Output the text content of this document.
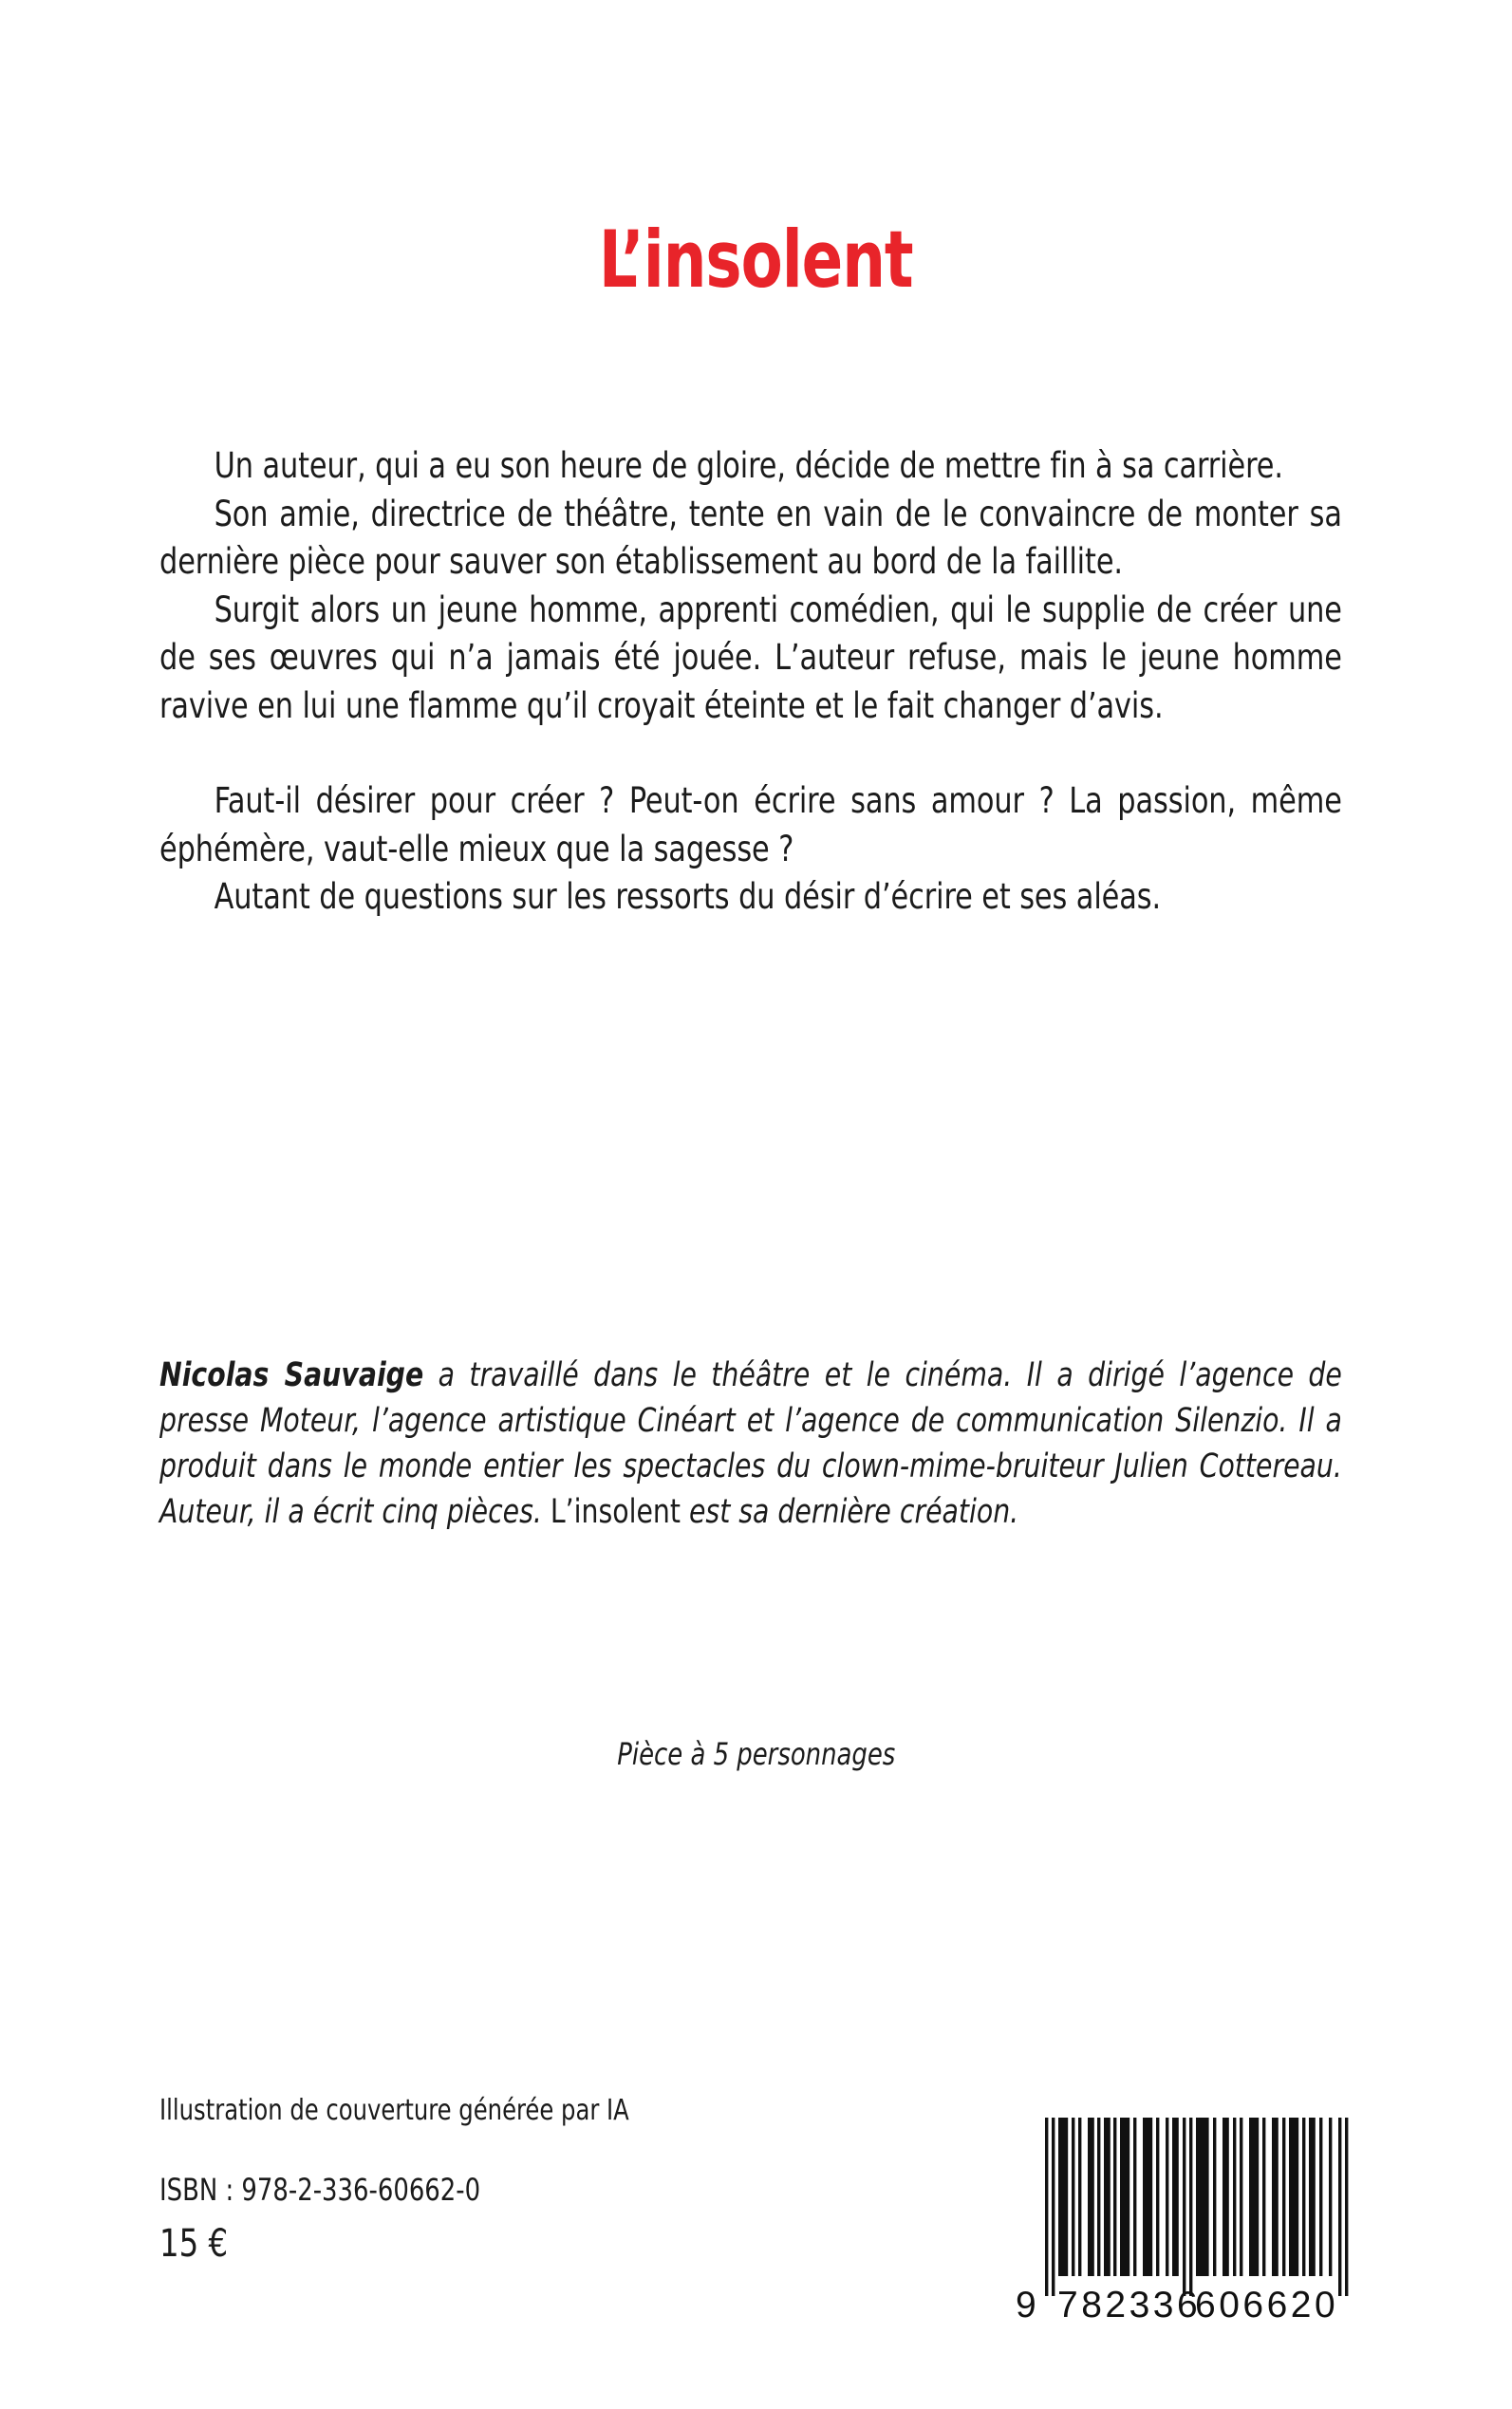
L’insolent

Un auteur, qui a eu son heure de gloire, décide de mettre fin à sa carrière.

Son amie, directrice de théâtre, tente en vain de le convaincre de monter sa dernière pièce pour sauver son établissement au bord de la faillite.

Surgit alors un jeune homme, apprenti comédien, qui le supplie de créer une de ses œuvres qui n’a jamais été jouée. L’auteur refuse, mais le jeune homme ravive en lui une flamme qu’il croyait éteinte et le fait changer d’avis.

Faut-il désirer pour créer ? Peut-on écrire sans amour ? La passion, même éphémère, vaut-elle mieux que la sagesse ?

Autant de questions sur les ressorts du désir d’écrire et ses aléas.

Nicolas Sauvaige a travaillé dans le théâtre et le cinéma. Il a dirigé l’agence de presse Moteur, l’agence artistique Cinéart et l’agence de communication Silenzio. Il a produit dans le monde entier les spectacles du clown-mime-bruiteur Julien Cottereau. Auteur, il a écrit cinq pièces. L’insolent est sa dernière création.

Pièce à 5 personnages
Illustration de couverture générée par IA
ISBN : 978-2-336-60662-0
15 €
9 782336
606620
